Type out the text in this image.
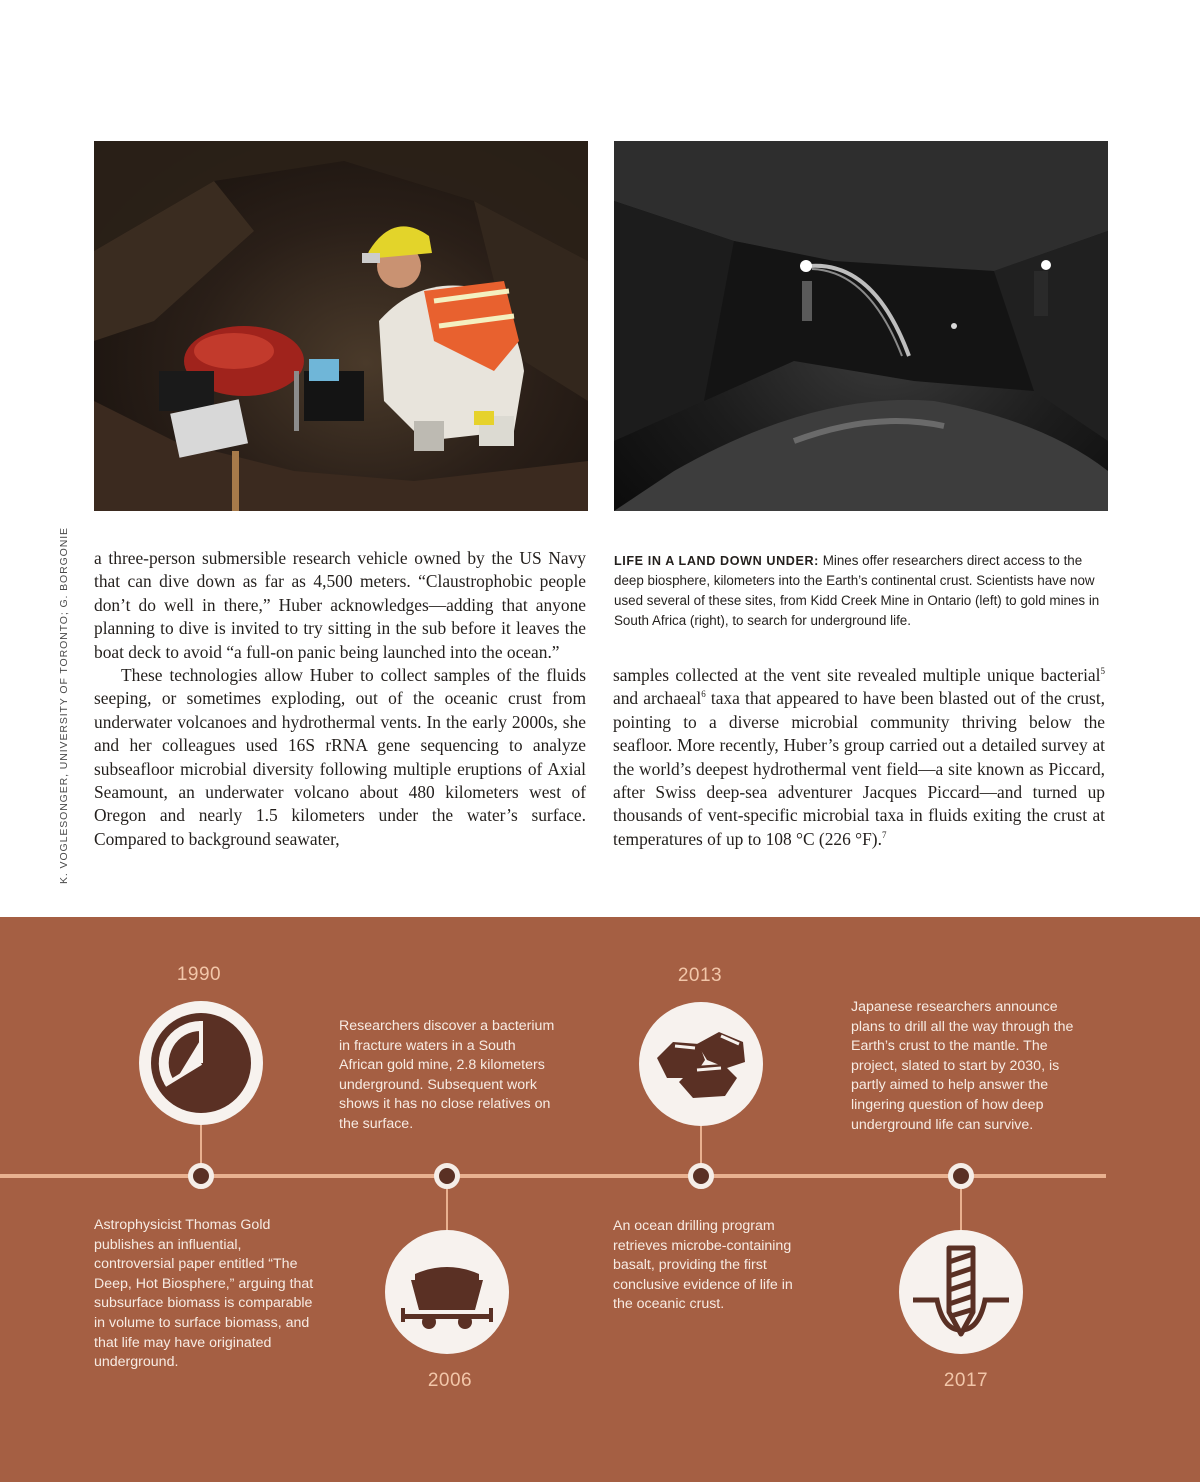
K. VOGLESONGER, UNIVERSITY OF TORONTO; G. BORGONIE a three-person submersible research vehicle owned by the US Navy that can dive down as far as 4,500 meters. “Claustrophobic people don’t do well in there,” Huber acknowledges—adding that anyone planning to dive is invited to try sitting in the sub before it leaves the boat deck to avoid “a full-on panic being launched into the ocean.”

These technologies allow Huber to collect samples of the fluids seeping, or sometimes exploding, out of the oceanic crust from underwater volcanoes and hydrothermal vents. In the early 2000s, she and her colleagues used 16S rRNA gene sequencing to analyze subseafloor microbial diversity following multiple eruptions of Axial Seamount, an underwater volcano about 480 kilometers west of Oregon and nearly 1.5 kilometers under the water’s surface. Compared to background seawater,

LIFE IN A LAND DOWN UNDER: Mines offer researchers direct access to the deep biosphere, kilometers into the Earth’s continental crust. Scientists have now used several of these sites, from Kidd Creek Mine in Ontario (left) to gold mines in South Africa (right), to search for underground life.

samples collected at the vent site revealed multiple unique bacterial$^5$ and archaeal$^6$ taxa that appeared to have been blasted out of the crust, pointing to a diverse microbial community thriving below the seafloor. More recently, Huber’s group carried out a detailed survey at the world’s deepest hydrothermal vent field—a site known as Piccard, after Swiss deep-sea adventurer Jacques Piccard—and turned up thousands of vent-specific microbial taxa in fluids exiting the crust at temperatures of up to 108 °C (226 °F).$^7$

1990
Astrophysicist Thomas Gold publishes an influential, controversial paper entitled “The Deep, Hot Biosphere,” arguing that subsurface biomass is comparable in volume to surface biomass, and that life may have originated underground.
Researchers discover a bacterium in fracture waters in a South African gold mine, 2.8 kilometers underground. Subsequent work shows it has no close relatives on the surface.
2006
2013
An ocean drilling program retrieves microbe-containing basalt, providing the first conclusive evidence of life in the oceanic crust.
Japanese researchers announce plans to drill all the way through the Earth’s crust to the mantle. The project, slated to start by 2030, is partly aimed to help answer the lingering question of how deep underground life can survive.
2017
